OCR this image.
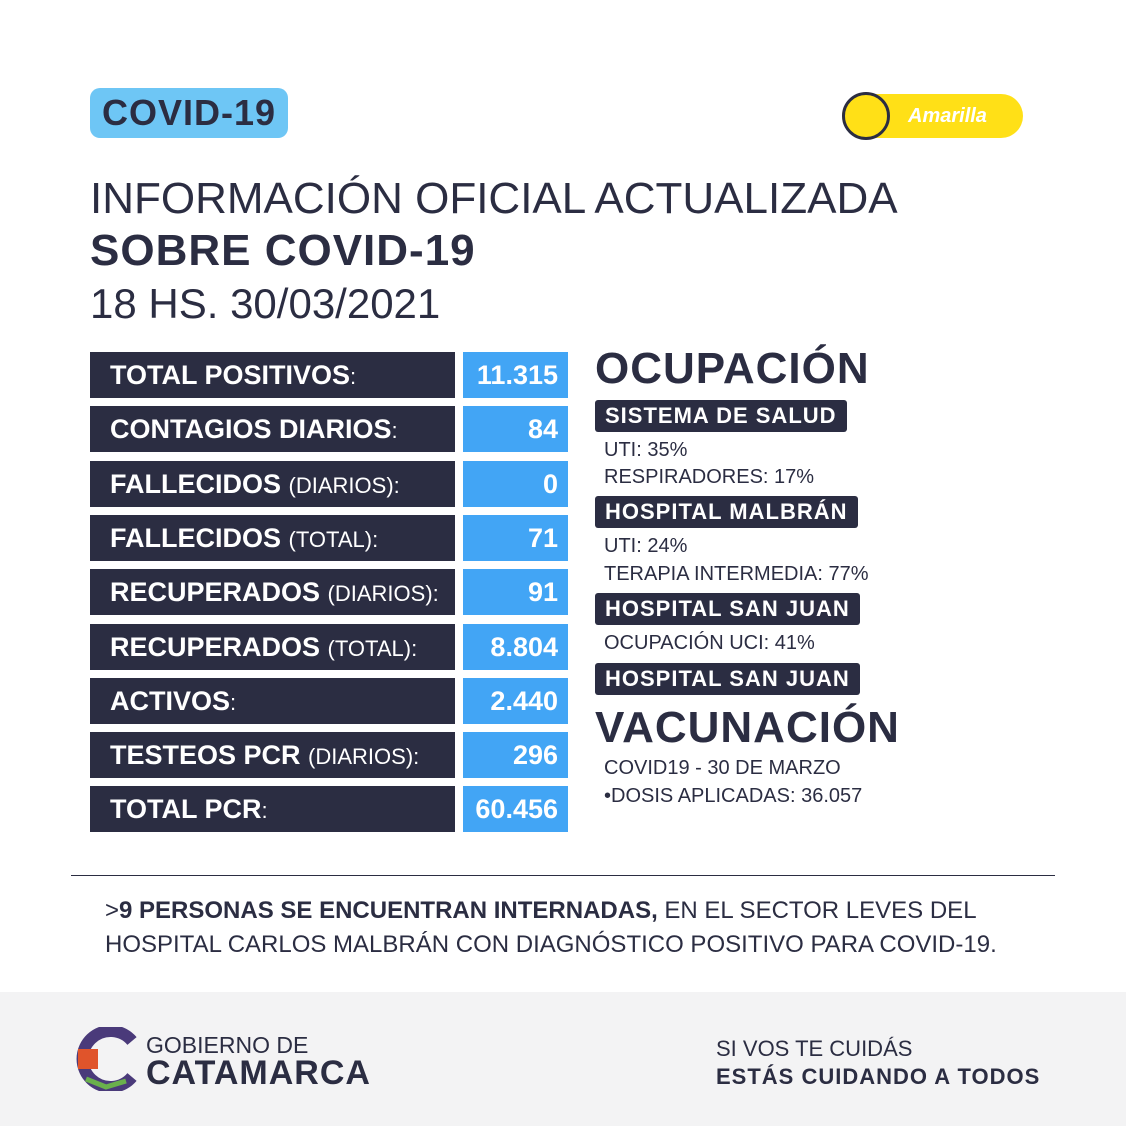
COVID-19	Amarilla
INFORMACIÓN OFICIAL ACTUALIZADA
SOBRE COVID-19
18 HS. 30/03/2021
TOTAL POSITIVOS:	11.315
CONTAGIOS DIARIOS:	84
FALLECIDOS (DIARIOS):	0
FALLECIDOS (TOTAL):	71
RECUPERADOS (DIARIOS):	91
RECUPERADOS (TOTAL):	8.804
ACTIVOS:	2.440
TESTEOS PCR (DIARIOS):	296
TOTAL PCR:	60.456
OCUPACIÓN
SISTEMA DE SALUD
UTI: 35%
RESPIRADORES: 17%
HOSPITAL MALBRÁN
UTI: 24%
TERAPIA INTERMEDIA: 77%
HOSPITAL SAN JUAN
OCUPACIÓN UCI: 41%
HOSPITAL SAN JUAN
VACUNACIÓN
COVID19 - 30 DE MARZO
•DOSIS APLICADAS: 36.057
>9 PERSONAS SE ENCUENTRAN INTERNADAS, EN EL SECTOR LEVES DEL HOSPITAL CARLOS MALBRÁN CON DIAGNÓSTICO POSITIVO PARA COVID-19.
GOBIERNO DE
CATAMARCA
SI VOS TE CUIDÁS
ESTÁS CUIDANDO A TODOS
